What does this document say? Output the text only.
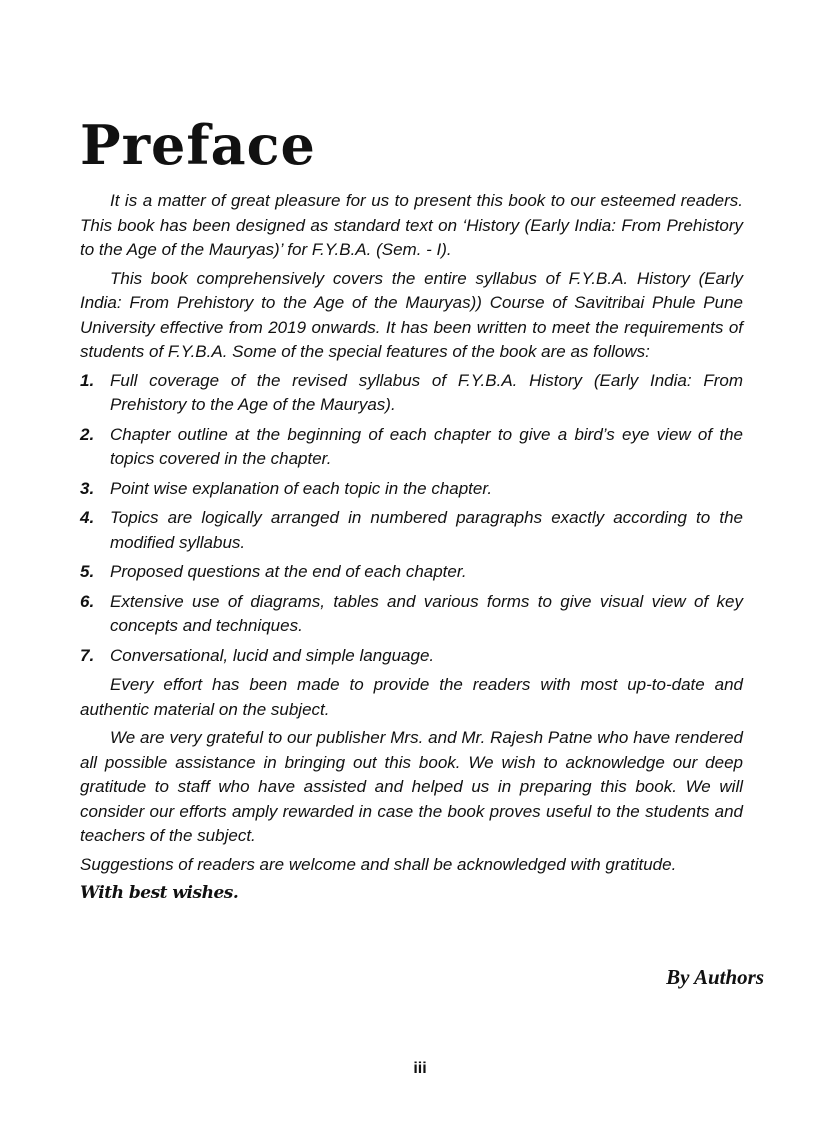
Preface

It is a matter of great pleasure for us to present this book to our esteemed readers. This book has been designed as standard text on ‘History (Early India: From Prehistory to the Age of the Mauryas)’ for F.Y.B.A. (Sem. - I).

This book comprehensively covers the entire syllabus of F.Y.B.A. History (Early India: From Prehistory to the Age of the Mauryas)) Course of Savitribai Phule Pune University effective from 2019 onwards. It has been written to meet the requirements of students of F.Y.B.A. Some of the special features of the book are as follows:

1. Full coverage of the revised syllabus of F.Y.B.A. History (Early India: From Prehistory to the Age of the Mauryas).
2. Chapter outline at the beginning of each chapter to give a bird’s eye view of the topics covered in the chapter.
3. Point wise explanation of each topic in the chapter.
4. Topics are logically arranged in numbered paragraphs exactly according to the modified syllabus.
5. Proposed questions at the end of each chapter.
6. Extensive use of diagrams, tables and various forms to give visual view of key concepts and techniques.
7. Conversational, lucid and simple language.

Every effort has been made to provide the readers with most up-to-date and authentic material on the subject.

We are very grateful to our publisher Mrs. and Mr. Rajesh Patne who have rendered all possible assistance in bringing out this book. We wish to acknowledge our deep gratitude to staff who have assisted and helped us in preparing this book. We will consider our efforts amply rewarded in case the book proves useful to the students and teachers of the subject.

Suggestions of readers are welcome and shall be acknowledged with gratitude.

With best wishes.
By Authors
iii
